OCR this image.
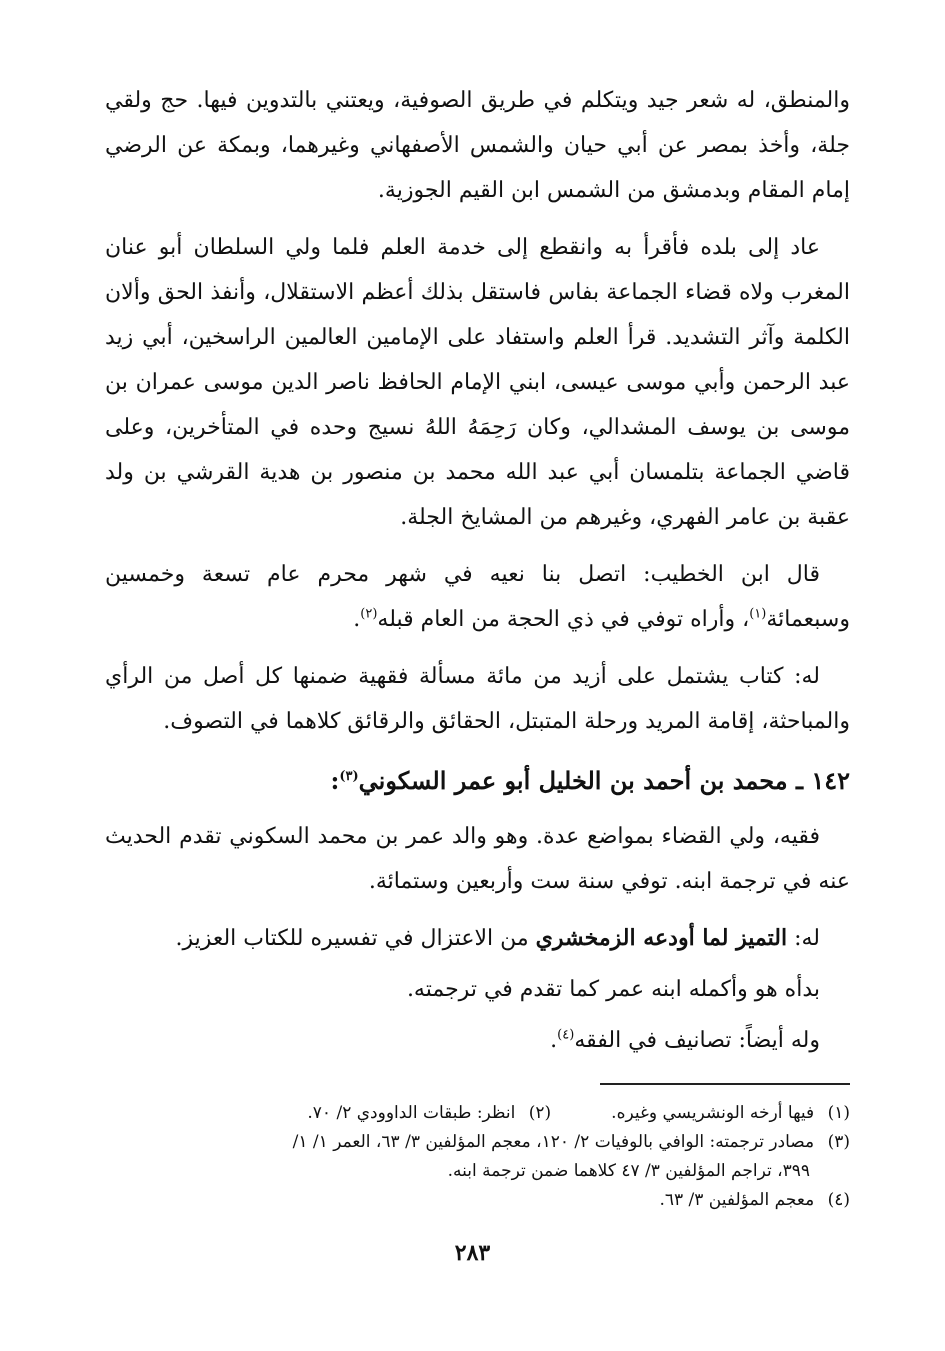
والمنطق، له شعر جيد ويتكلم في طريق الصوفية، ويعتني بالتدوين فيها. حج ولقي جلة، وأخذ بمصر عن أبي حيان والشمس الأصفهاني وغيرهما، وبمكة عن الرضي إمام المقام وبدمشق من الشمس ابن القيم الجوزية.

عاد إلى بلده فأقرأ به وانقطع إلى خدمة العلم فلما ولي السلطان أبو عنان المغرب ولاه قضاء الجماعة بفاس فاستقل بذلك أعظم الاستقلال، وأنفذ الحق وألان الكلمة وآثر التشديد. قرأ العلم واستفاد على الإمامين العالمين الراسخين، أبي زيد عبد الرحمن وأبي موسى عيسى، ابني الإمام الحافظ ناصر الدين موسى عمران بن موسى بن يوسف المشدالي، وكان رَحِمَهُ اللهُ نسيج وحده في المتأخرين، وعلى قاضي الجماعة بتلمسان أبي عبد الله محمد بن منصور بن هدية القرشي بن ولد عقبة بن عامر الفهري، وغيرهم من المشايخ الجلة.

قال ابن الخطيب: اتصل بنا نعيه في شهر محرم عام تسعة وخمسين وسبعمائة$^{(١)}$، وأراه توفي في ذي الحجة من العام قبله$^{(٢)}$.

له: كتاب يشتمل على أزيد من مائة مسألة فقهية ضمنها كل أصل من الرأي والمباحثة، إقامة المريد ورحلة المتبتل، الحقائق والرقائق كلاهما في التصوف.

١٤٢ ـ محمد بن أحمد بن الخليل أبو عمر السكوني$^{(٣)}$:

فقيه، ولي القضاء بمواضع عدة. وهو والد عمر بن محمد السكوني تقدم الحديث عنه في ترجمة ابنه. توفي سنة ست وأربعين وستمائة.

له: التميز لما أودعه الزمخشري من الاعتزال في تفسيره للكتاب العزيز.

بدأه هو وأكمله ابنه عمر كما تقدم في ترجمته.

وله أيضاً: تصانيف في الفقه$^{(٤)}$.

(١) فيها أرخه الونشريسي وغيره.
(٢) انظر: طبقات الداوودي ٢/ ٧٠.
(٣) مصادر ترجمته: الوافي بالوفيات ٢/ ١٢٠، معجم المؤلفين ٣/ ٦٣، العمر ١/ ١/
٣٩٩، تراجم المؤلفين ٣/ ٤٧ كلاهما ضمن ترجمة ابنه.
(٤) معجم المؤلفين ٣/ ٦٣.
٢٨٣
